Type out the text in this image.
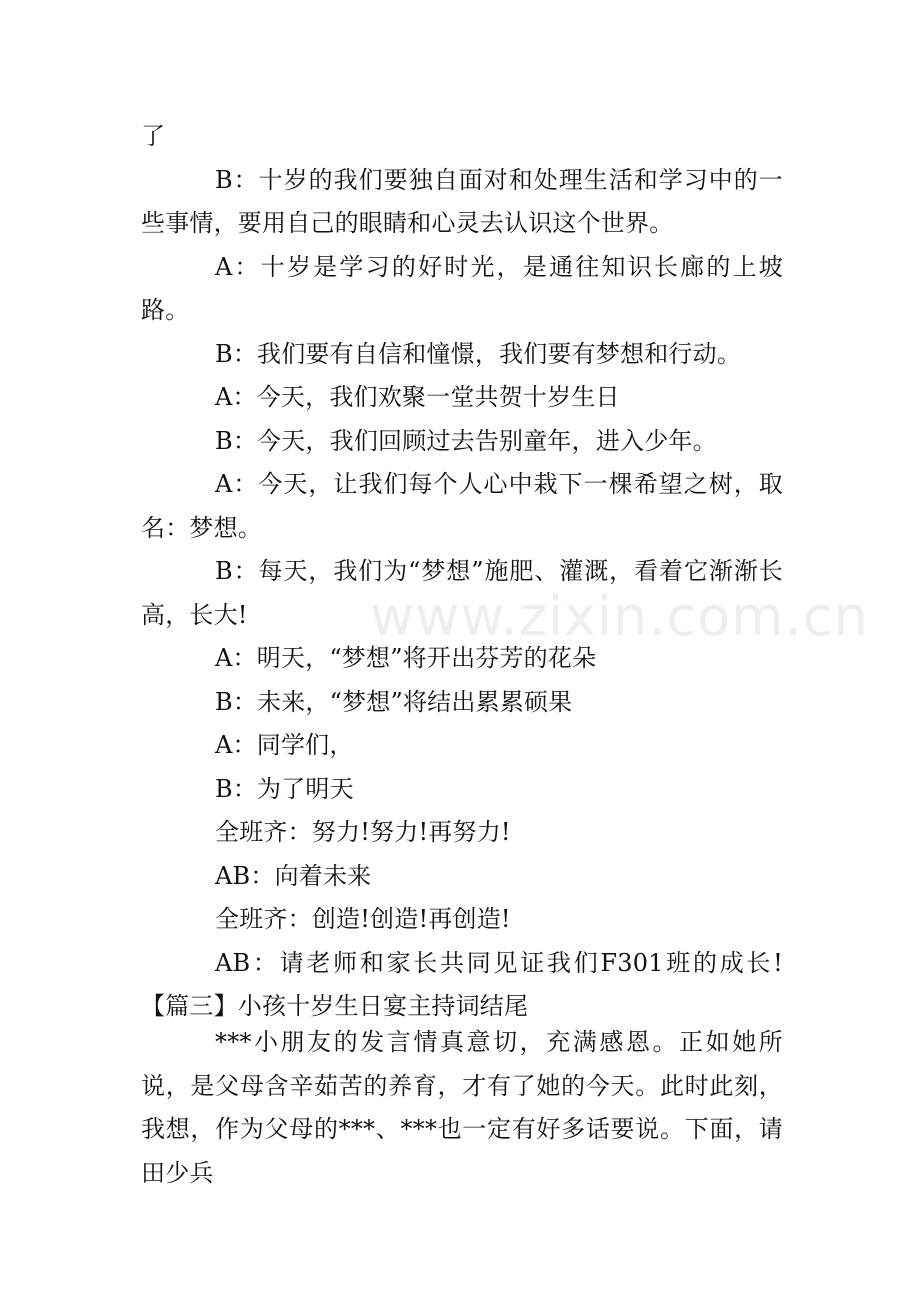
了

B：十岁的我们要独自面对和处理生活和学习中的一些事情，要用自己的眼睛和心灵去认识这个世界。

A：十岁是学习的好时光，是通往知识长廊的上坡路。

B：我们要有自信和憧憬，我们要有梦想和行动。

A：今天，我们欢聚一堂共贺十岁生日

B：今天，我们回顾过去告别童年，进入少年。

A：今天，让我们每个人心中栽下一棵希望之树，取名：梦想。

B：每天，我们为“梦想”施肥、灌溉，看着它渐渐长高，长大!

A：明天，“梦想”将开出芬芳的花朵

B：未来，“梦想”将结出累累硕果

A：同学们，

B：为了明天

全班齐：努力!努力!再努力!

AB：向着未来

全班齐：创造!创造!再创造!

AB：请老师和家长共同见证我们F301班的成长!【篇三】小孩十岁生日宴主持词结尾

***小朋友的发言情真意切，充满感恩。正如她所说，是父母含辛茹苦的养育，才有了她的今天。此时此刻，我想，作为父母的***、***也一定有好多话要说。下面，请田少兵

www.zixin.com.cn
